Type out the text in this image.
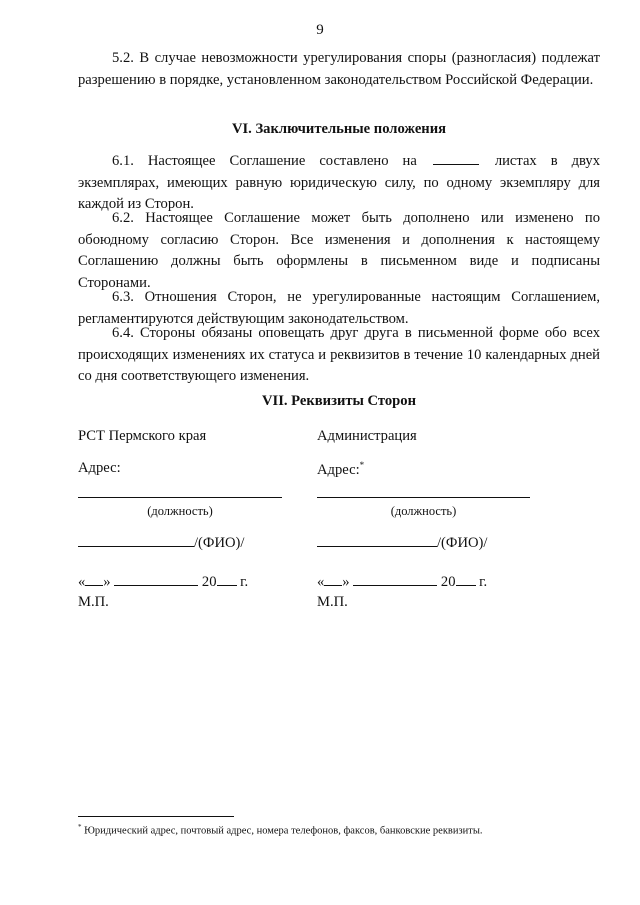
9

5.2. В случае невозможности урегулирования споры (разногласия) подлежат разрешению в порядке, установленном законодательством Российской Федерации.

VI. Заключительные положения

6.1. Настоящее Соглашение составлено на	листах в двух экземплярах, имеющих равную юридическую силу, по одному экземпляру для каждой из Сторон.

6.2. Настоящее Соглашение может быть дополнено или изменено по обоюдному согласию Сторон. Все изменения и дополнения к настоящему Соглашению должны быть оформлены в письменном виде и подписаны Сторонами.

6.3. Отношения Сторон, не урегулированные настоящим Соглашением, регламентируются действующим законодательством.

6.4. Стороны обязаны оповещать друг друга в письменной форме обо всех происходящих изменениях их статуса и реквизитов в течение 10 календарных дней со дня соответствующего изменения.

VII. Реквизиты Сторон

РСТ Пермского края
Адрес:
(должность)
/(ФИО)/
« »	20 г.
М.П.
Администрация
Адрес:*
(должность)
/(ФИО)/
« »	20 г.
М.П.
* Юридический адрес, почтовый адрес, номера телефонов, факсов, банковские реквизиты.
